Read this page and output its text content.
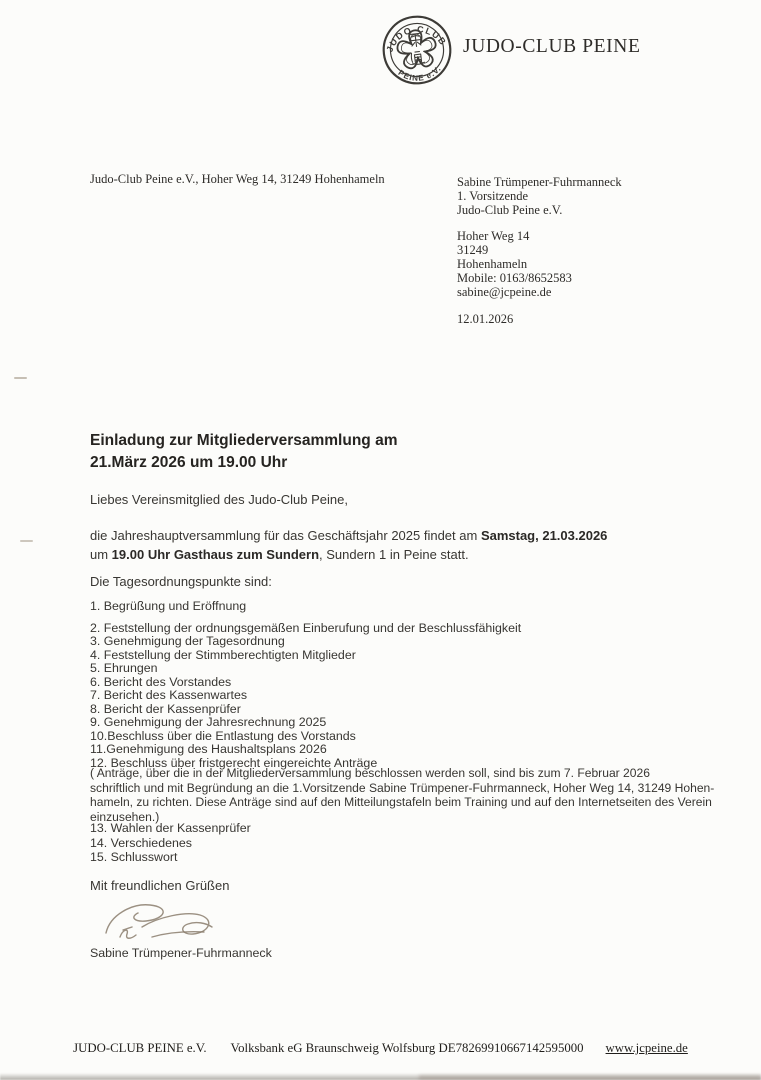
JUDO-CLUB
PEINE e.V.
JUDO-CLUB PEINE
Judo-Club Peine e.V., Hoher Weg 14, 31249 Hohenhameln	Sabine Trümpener-Fuhrmanneck
1. Vorsitzende
Judo-Club Peine e.V.
Hoher Weg 14
31249
Hohenhameln
Mobile: 0163/8652583
sabine@jcpeine.de
12.01.2026
Einladung zur Mitgliederversammlung am
21.März 2026 um 19.00 Uhr
Liebes Vereinsmitglied des Judo-Club Peine,
die Jahreshauptversammlung für das Geschäftsjahr 2025 findet am Samstag, 21.03.2026
um 19.00 Uhr Gasthaus zum Sundern, Sundern 1 in Peine statt.
Die Tagesordnungspunkte sind:
1. Begrüßung und Eröffnung
2. Feststellung der ordnungsgemäßen Einberufung und der Beschlussfähigkeit
3. Genehmigung der Tagesordnung
4. Feststellung der Stimmberechtigten Mitglieder
5. Ehrungen
6. Bericht des Vorstandes
7. Bericht des Kassenwartes
8. Bericht der Kassenprüfer
9. Genehmigung der Jahresrechnung 2025
10.Beschluss über die Entlastung des Vorstands
11.Genehmigung des Haushaltsplans 2026
12. Beschluss über fristgerecht eingereichte Anträge
( Anträge, über die in der Mitgliederversammlung beschlossen werden soll, sind bis zum 7. Februar 2026
schriftlich und mit Begründung an die 1.Vorsitzende Sabine Trümpener-Fuhrmanneck, Hoher Weg 14, 31249 Hohen-
hameln, zu richten. Diese Anträge sind auf den Mitteilungstafeln beim Training und auf den Internetseiten des Verein
einzusehen.)
13. Wahlen der Kassenprüfer
14. Verschiedenes
15. Schlusswort
Mit freundlichen Grüßen
Sabine Trümpener-Fuhrmanneck
JUDO-CLUB PEINE e.V. Volksbank eG Braunschweig Wolfsburg DE78269910667142595000 www.jcpeine.de
